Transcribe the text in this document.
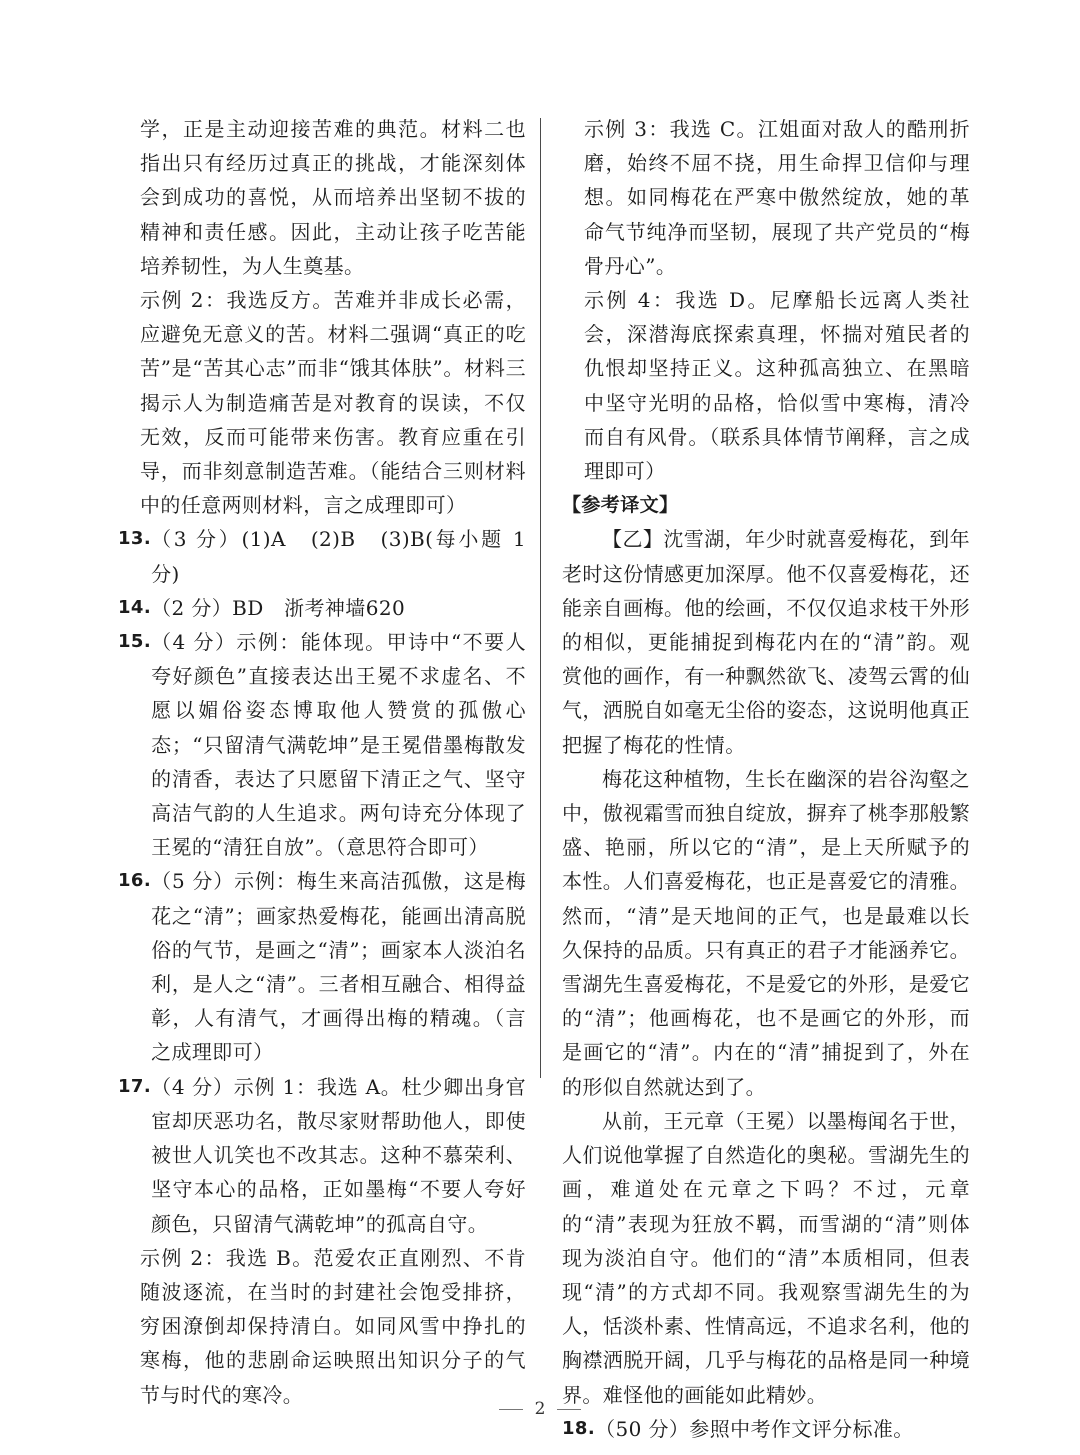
学，正是主动迎接苦难的典范。材料二也指出只有经历过真正的挑战，才能深刻体会到成功的喜悦，从而培养出坚韧不拔的精神和责任感。因此，主动让孩子吃苦能培养韧性，为人生奠基。

示例 2：我选反方。苦难并非成长必需，应避免无意义的苦。材料二强调“真正的吃苦”是“苦其心志”而非“饿其体肤”。材料三揭示人为制造痛苦是对教育的误读，不仅无效，反而可能带来伤害。教育应重在引导，而非刻意制造苦难。（能结合三则材料中的任意两则材料，言之成理即可）

13. （3 分）(1)A　(2)B　(3)B(每小题 1 分)

14. （2 分）BD　浙考神墙620

15. （4 分）示例：能体现。甲诗中“不要人夸好颜色”直接表达出王冕不求虚名、不愿以媚俗姿态博取他人赞赏的孤傲心态；“只留清气满乾坤”是王冕借墨梅散发的清香，表达了只愿留下清正之气、坚守高洁气韵的人生追求。两句诗充分体现了王冕的“清狂自放”。（意思符合即可）

16. （5 分）示例：梅生来高洁孤傲，这是梅花之“清”；画家热爱梅花，能画出清高脱俗的气节，是画之“清”；画家本人淡泊名利，是人之“清”。三者相互融合、相得益彰，人有清气，才画得出梅的精魂。（言之成理即可）

17. （4 分）示例 1：我选 A。杜少卿出身官宦却厌恶功名，散尽家财帮助他人，即使被世人讥笑也不改其志。这种不慕荣利、坚守本心的品格，正如墨梅“不要人夸好颜色，只留清气满乾坤”的孤高自守。

示例 2：我选 B。范爱农正直刚烈、不肯随波逐流，在当时的封建社会饱受排挤，穷困潦倒却保持清白。如同风雪中挣扎的寒梅，他的悲剧命运映照出知识分子的气节与时代的寒冷。

示例 3：我选 C。江姐面对敌人的酷刑折磨，始终不屈不挠，用生命捍卫信仰与理想。如同梅花在严寒中傲然绽放，她的革命气节纯净而坚韧，展现了共产党员的“梅骨丹心”。

示例 4：我选 D。尼摩船长远离人类社会，深潜海底探索真理，怀揣对殖民者的仇恨却坚持正义。这种孤高独立、在黑暗中坚守光明的品格，恰似雪中寒梅，清冷而自有风骨。（联系具体情节阐释，言之成理即可）

【参考译文】

【乙】沈雪湖，年少时就喜爱梅花，到年老时这份情感更加深厚。他不仅喜爱梅花，还能亲自画梅。他的绘画，不仅仅追求枝干外形的相似，更能捕捉到梅花内在的“清”韵。观赏他的画作，有一种飘然欲飞、凌驾云霄的仙气，洒脱自如毫无尘俗的姿态，这说明他真正把握了梅花的性情。

梅花这种植物，生长在幽深的岩谷沟壑之中，傲视霜雪而独自绽放，摒弃了桃李那般繁盛、艳丽，所以它的“清”，是上天所赋予的本性。人们喜爱梅花，也正是喜爱它的清雅。然而，“清”是天地间的正气，也是最难以长久保持的品质。只有真正的君子才能涵养它。雪湖先生喜爱梅花，不是爱它的外形，是爱它的“清”；他画梅花，也不是画它的外形，而是画它的“清”。内在的“清”捕捉到了，外在的形似自然就达到了。

从前，王元章（王冕）以墨梅闻名于世，人们说他掌握了自然造化的奥秘。雪湖先生的画，难道处在元章之下吗？不过，元章的“清”表现为狂放不羁，而雪湖的“清”则体现为淡泊自守。他们的“清”本质相同，但表现“清”的方式却不同。我观察雪湖先生的为人，恬淡朴素、性情高远，不追求名利，他的胸襟洒脱开阔，几乎与梅花的品格是同一种境界。难怪他的画能如此精妙。

18. （50 分）参照中考作文评分标准。

2
